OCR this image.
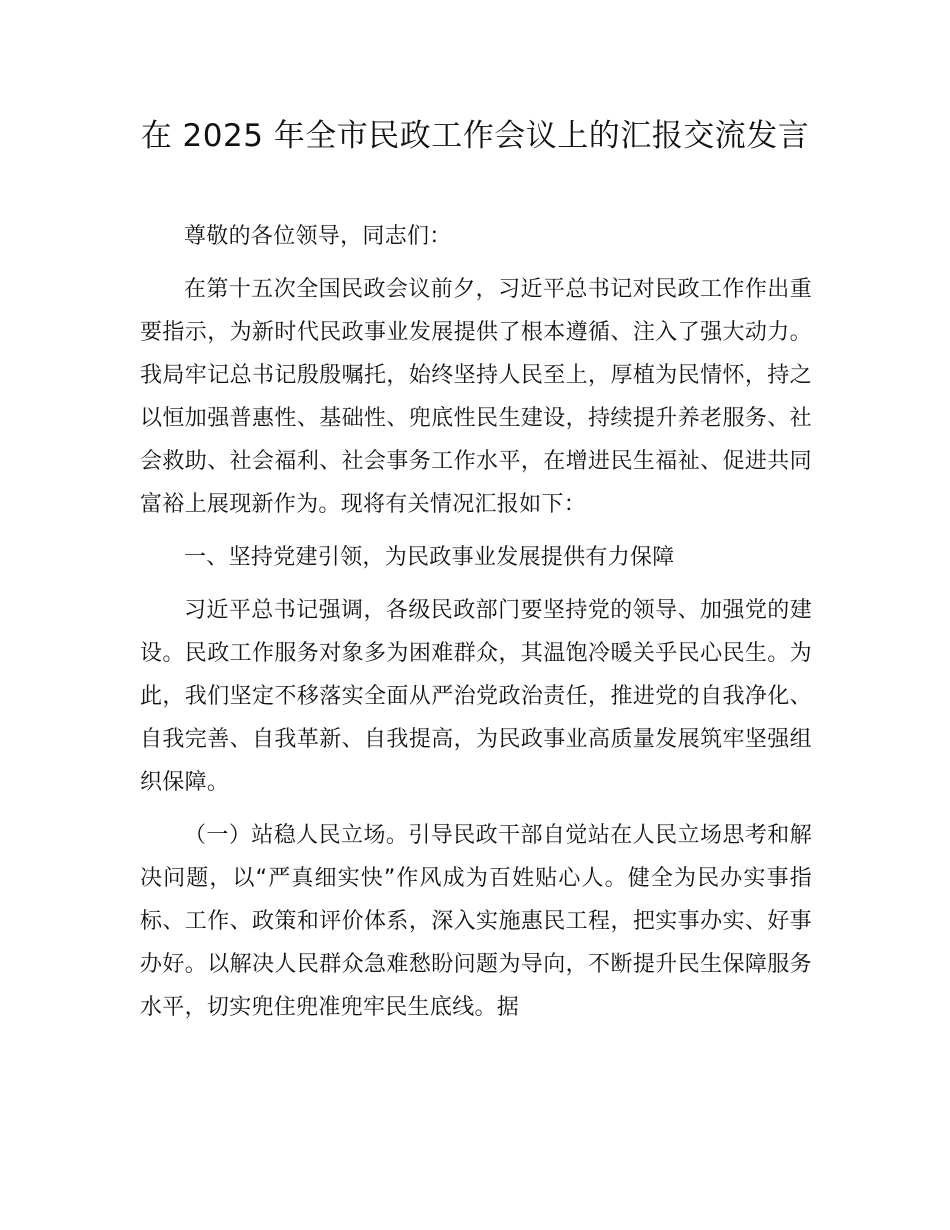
在 2025 年全市民政工作会议上的汇报交流发言

尊敬的各位领导，同志们：

在第十五次全国民政会议前夕，习近平总书记对民政工作作出重要指示，为新时代民政事业发展提供了根本遵循、注入了强大动力。我局牢记总书记殷殷嘱托，始终坚持人民至上，厚植为民情怀，持之以恒加强普惠性、基础性、兜底性民生建设，持续提升养老服务、社会救助、社会福利、社会事务工作水平，在增进民生福祉、促进共同富裕上展现新作为。现将有关情况汇报如下：

一、坚持党建引领，为民政事业发展提供有力保障

习近平总书记强调，各级民政部门要坚持党的领导、加强党的建设。民政工作服务对象多为困难群众，其温饱冷暖关乎民心民生。为此，我们坚定不移落实全面从严治党政治责任，推进党的自我净化、自我完善、自我革新、自我提高，为民政事业高质量发展筑牢坚强组织保障。

（一）站稳人民立场。引导民政干部自觉站在人民立场思考和解决问题，以“严真细实快”作风成为百姓贴心人。健全为民办实事指标、工作、政策和评价体系，深入实施惠民工程，把实事办实、好事办好。以解决人民群众急难愁盼问题为导向，不断提升民生保障服务水平，切实兜住兜准兜牢民生底线。据
